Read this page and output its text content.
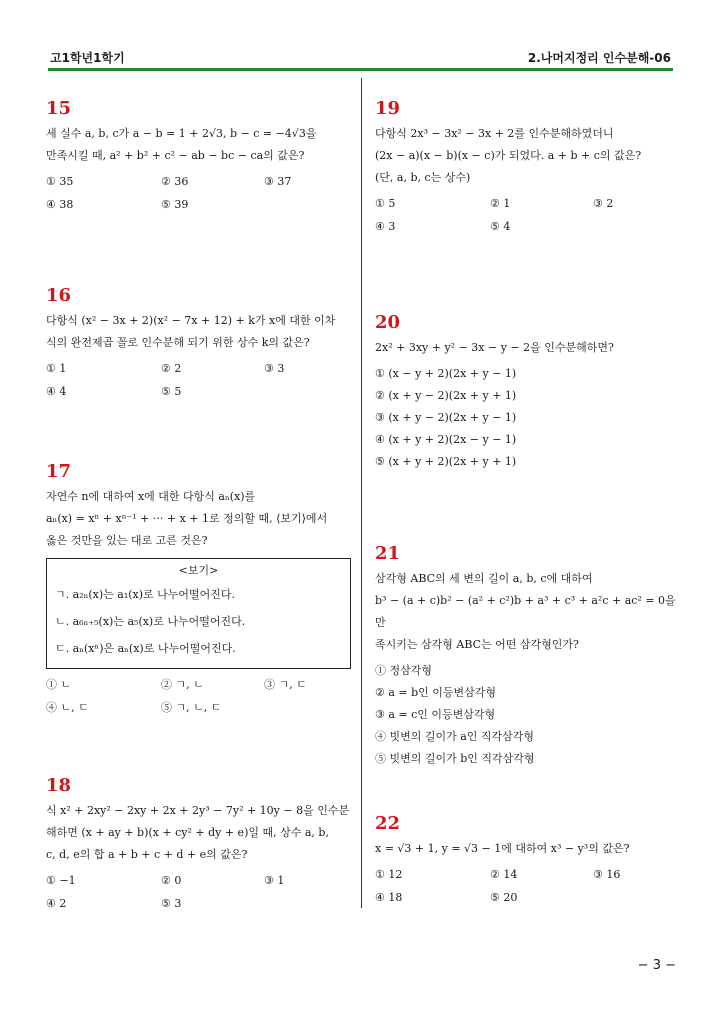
고1학년1학기	2.나머지정리 인수분해-06
15
세 실수 a, b, c가 a − b = 1 + 2√3, b − c = −4√3을
만족시킬 때, a² + b² + c² − ab − bc − ca의 값은?
① 35	② 36	③ 37
④ 38	⑤ 39
16
다항식 (x² − 3x + 2)(x² − 7x + 12) + k가 x에 대한 이차
식의 완전제곱 꼴로 인수분해 되기 위한 상수 k의 값은?
① 1	② 2	③ 3
④ 4	⑤ 5
17
자연수 n에 대하여 x에 대한 다항식 aₙ(x)를
aₙ(x) = xⁿ + xⁿ⁻¹ + ··· + x + 1로 정의할 때, ⟨보기⟩에서
옳은 것만을 있는 대로 고른 것은?
<보기>
ㄱ. a₂ₙ(x)는 a₁(x)로 나누어떨어진다.
ㄴ. a₆ₙ₊₅(x)는 a₅(x)로 나누어떨어진다.
ㄷ. aₙ(xⁿ)은 aₙ(x)로 나누어떨어진다.
① ㄴ	② ㄱ, ㄴ	③ ㄱ, ㄷ
④ ㄴ, ㄷ	⑤ ㄱ, ㄴ, ㄷ
18
식 x² + 2xy² − 2xy + 2x + 2y³ − 7y² + 10y − 8을 인수분
해하면 (x + ay + b)(x + cy² + dy + e)일 때, 상수 a, b,
c, d, e의 합 a + b + c + d + e의 값은?
① −1	② 0	③ 1
④ 2	⑤ 3
19
다항식 2x³ − 3x² − 3x + 2를 인수분해하였더니
(2x − a)(x − b)(x − c)가 되었다. a + b + c의 값은?
(단, a, b, c는 상수)
① 5	② 1	③ 2
④ 3	⑤ 4
20
2x² + 3xy + y² − 3x − y − 2을 인수분해하면?
① (x − y + 2)(2x + y − 1)
② (x + y − 2)(2x + y + 1)
③ (x + y − 2)(2x + y − 1)
④ (x + y + 2)(2x − y − 1)
⑤ (x + y + 2)(2x + y + 1)
21
삼각형 ABC의 세 변의 길이 a, b, c에 대하여
b³ − (a + c)b² − (a² + c²)b + a³ + c³ + a²c + ac² = 0을 만
족시키는 삼각형 ABC는 어떤 삼각형인가?
① 정삼각형
② a = b인 이등변삼각형
③ a = c인 이등변삼각형
④ 빗변의 길이가 a인 직각삼각형
⑤ 빗변의 길이가 b인 직각삼각형
22
x = √3 + 1, y = √3 − 1에 대하여 x³ − y³의 값은?
① 12	② 14	③ 16
④ 18	⑤ 20
− 3 −
